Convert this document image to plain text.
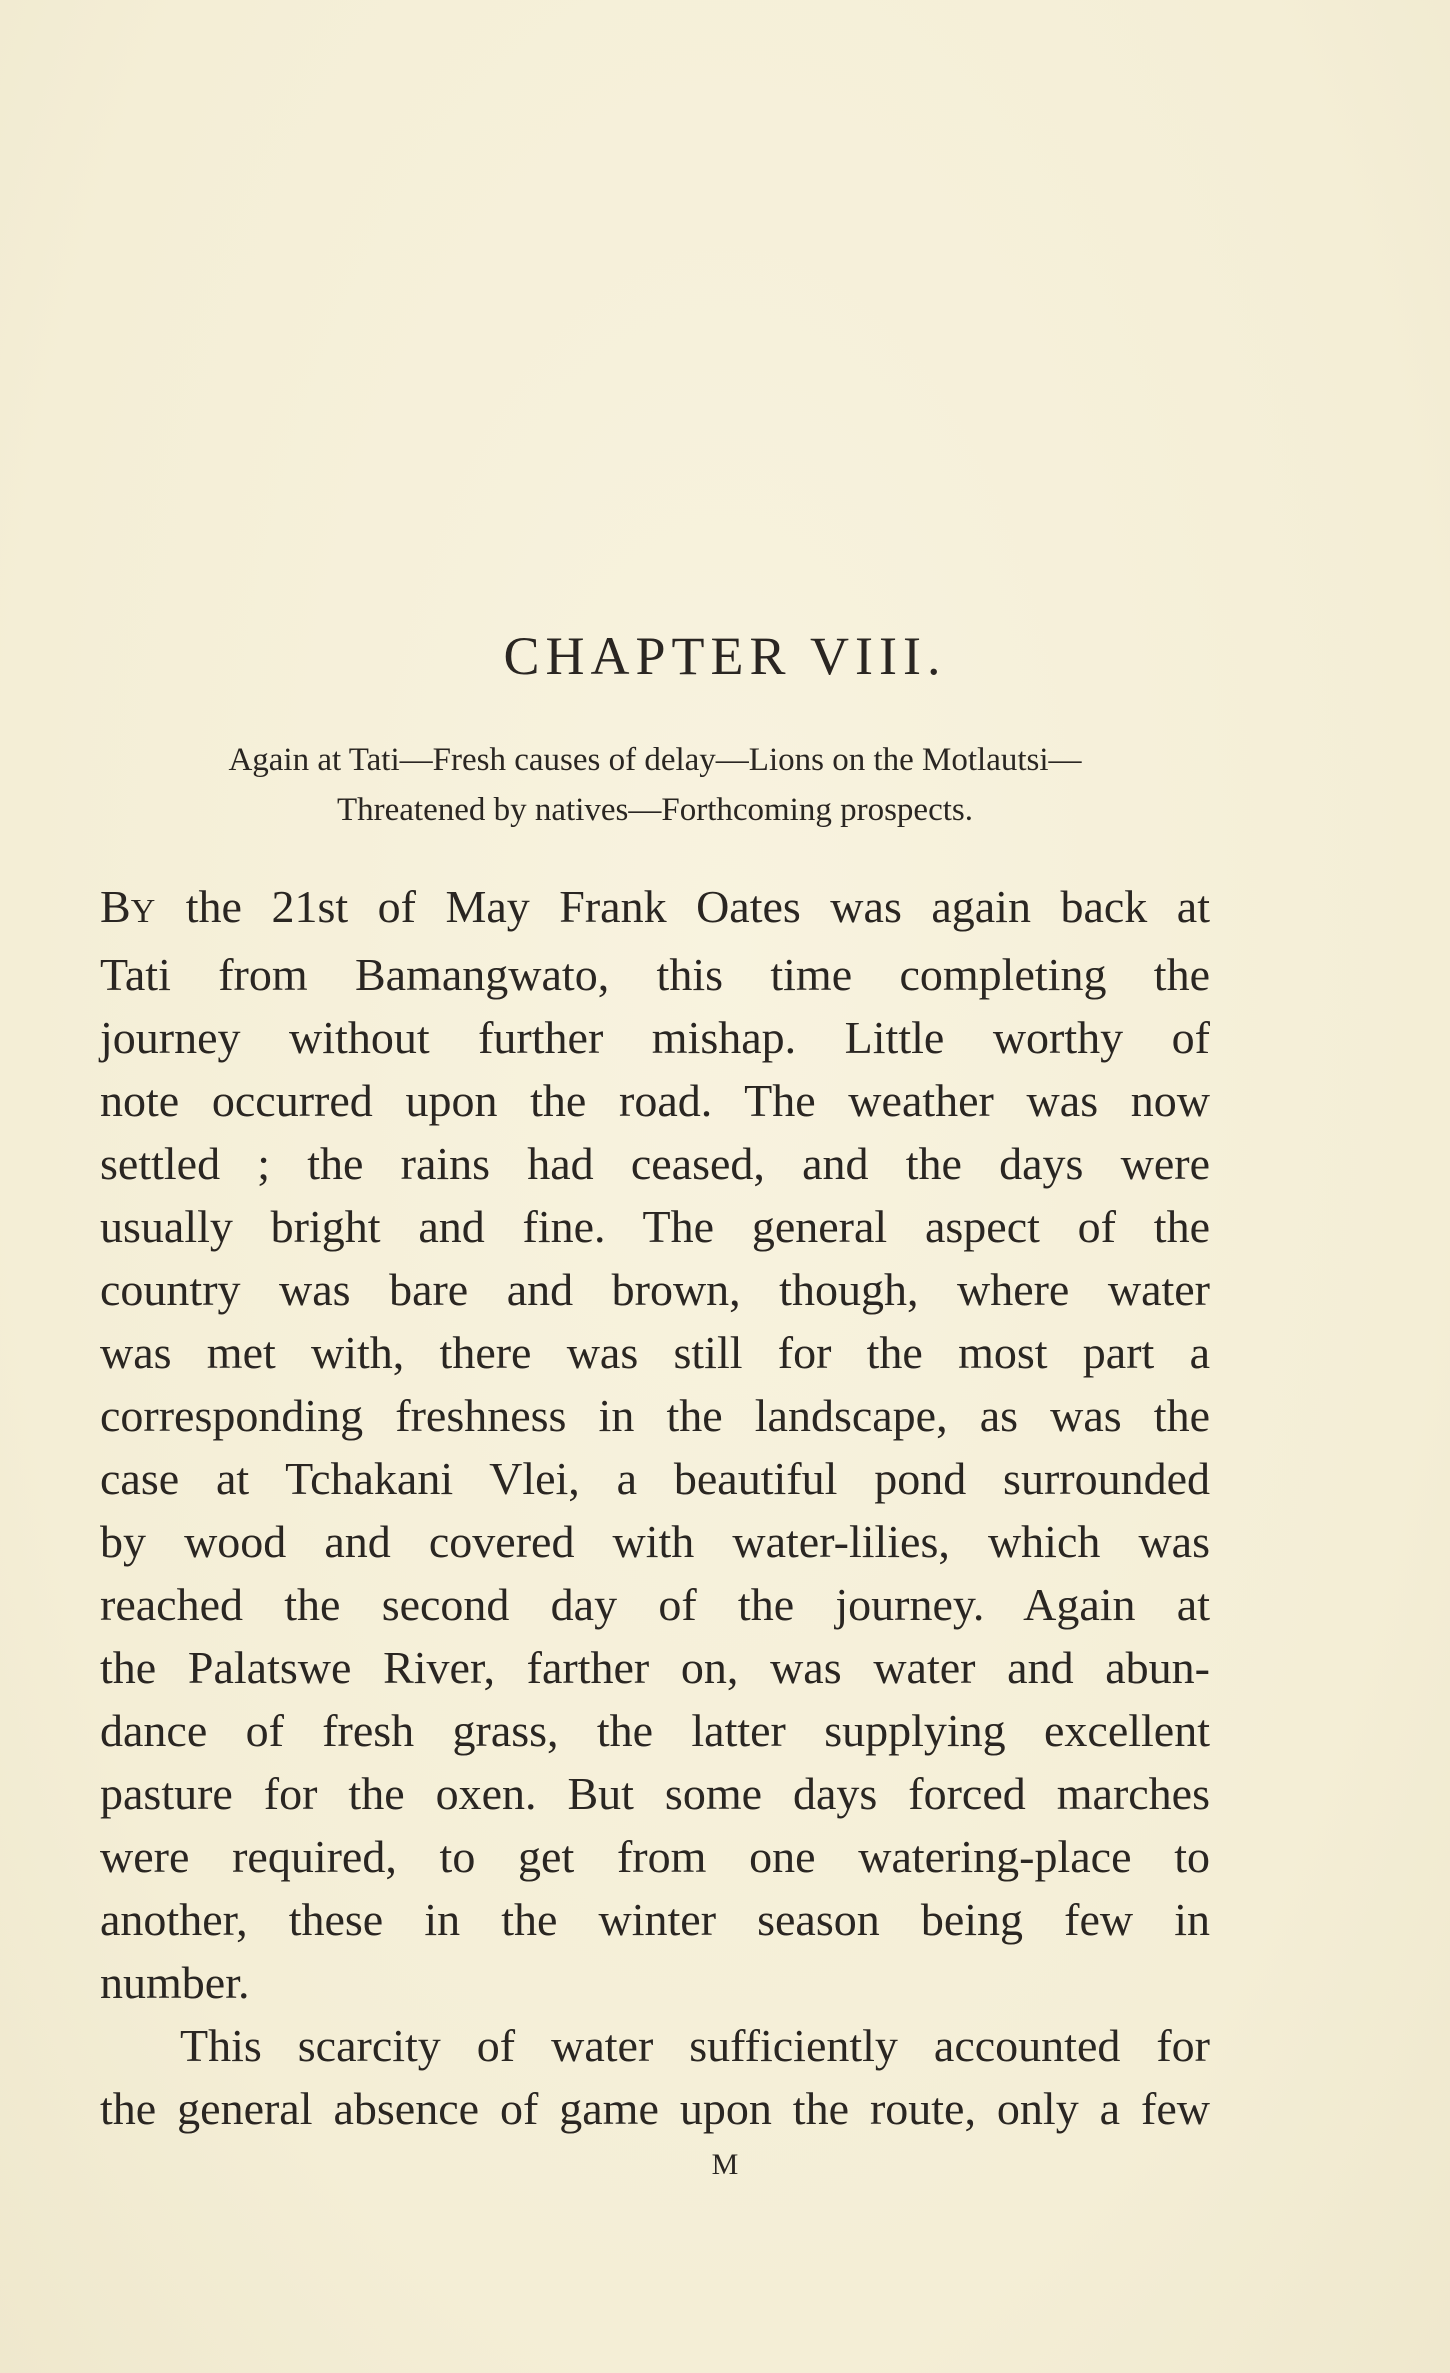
CHAPTER VIII.
Again at Tati—Fresh causes of delay—Lions on the Motlautsi—
Threatened by natives—Forthcoming prospects.
BY the 21st of May Frank Oates was again back at
Tati from Bamangwato, this time completing the
journey without further mishap. Little worthy of
note occurred upon the road. The weather was now
settled ; the rains had ceased, and the days were
usually bright and fine. The general aspect of the
country was bare and brown, though, where water
was met with, there was still for the most part a
corresponding freshness in the landscape, as was the
case at Tchakani Vlei, a beautiful pond surrounded
by wood and covered with water-lilies, which was
reached the second day of the journey. Again at
the Palatswe River, farther on, was water and abun-
dance of fresh grass, the latter supplying excellent
pasture for the oxen. But some days forced marches
were required, to get from one watering-place to
another, these in the winter season being few in
number.
This scarcity of water sufficiently accounted for
the general absence of game upon the route, only a few
M
